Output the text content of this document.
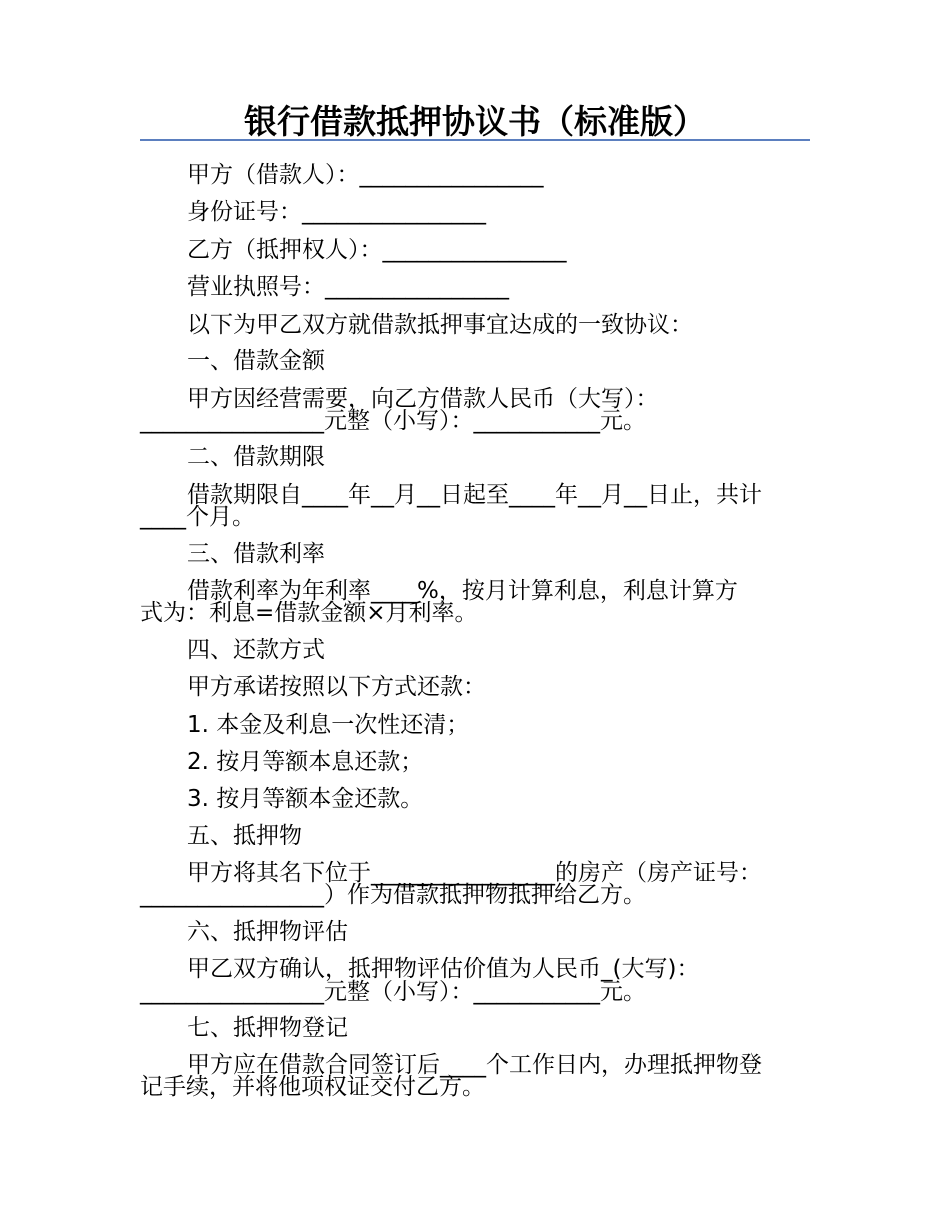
银行借款抵押协议书（标准版）
甲方（借款人）：________________
身份证号：________________
乙方（抵押权人）：________________
营业执照号：________________
以下为甲乙双方就借款抵押事宜达成的一致协议：
一、借款金额
甲方因经营需要，向乙方借款人民币（大写）：
________________元整（小写）：___________元。
二、借款期限
借款期限自____年__月__日起至____年__月__日止，共计
____个月。
三、借款利率
借款利率为年利率____%，按月计算利息，利息计算方
式为：利息=借款金额×月利率。
四、还款方式
甲方承诺按照以下方式还款：
1. 本金及利息一次性还清；
2. 按月等额本息还款；
3. 按月等额本金还款。
五、抵押物
甲方将其名下位于________________的房产（房产证号：
________________）作为借款抵押物抵押给乙方。
六、抵押物评估
甲乙双方确认，抵押物评估价值为人民币_(大写)：
________________元整（小写）：___________元。
七、抵押物登记
甲方应在借款合同签订后____个工作日内，办理抵押物登
记手续，并将他项权证交付乙方。
